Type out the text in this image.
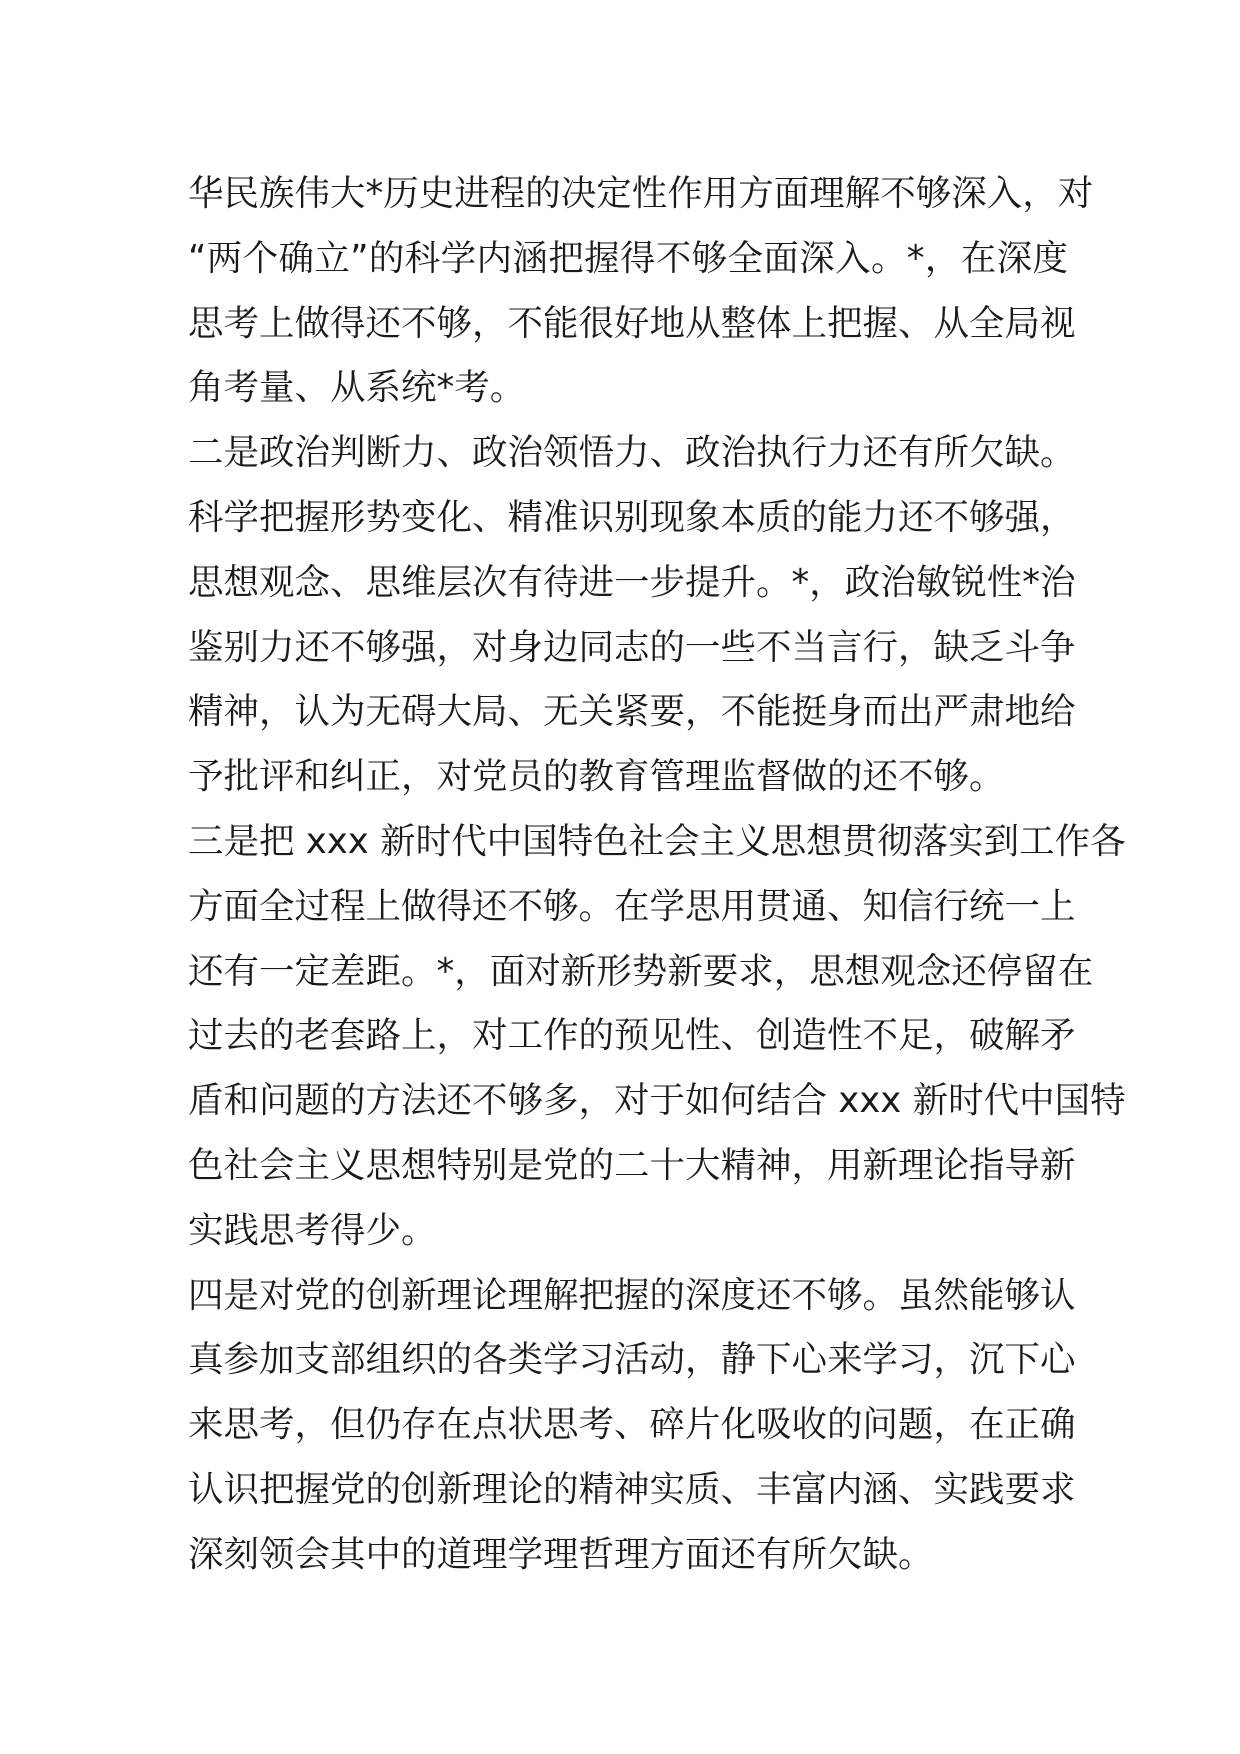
华民族伟大*历史进程的决定性作用方面理解不够深入，对
“两个确立”的科学内涵把握得不够全面深入。*，在深度
思考上做得还不够，不能很好地从整体上把握、从全局视
角考量、从系统*考。
二是政治判断力、政治领悟力、政治执行力还有所欠缺。
科学把握形势变化、精准识别现象本质的能力还不够强，
思想观念、思维层次有待进一步提升。*，政治敏锐性*治
鉴别力还不够强，对身边同志的一些不当言行，缺乏斗争
精神，认为无碍大局、无关紧要，不能挺身而出严肃地给
予批评和纠正，对党员的教育管理监督做的还不够。
三是把 xxx 新时代中国特色社会主义思想贯彻落实到工作各
方面全过程上做得还不够。在学思用贯通、知信行统一上
还有一定差距。*，面对新形势新要求，思想观念还停留在
过去的老套路上，对工作的预见性、创造性不足，破解矛
盾和问题的方法还不够多，对于如何结合 xxx 新时代中国特
色社会主义思想特别是党的二十大精神，用新理论指导新
实践思考得少。
四是对党的创新理论理解把握的深度还不够。虽然能够认
真参加支部组织的各类学习活动，静下心来学习，沉下心
来思考，但仍存在点状思考、碎片化吸收的问题，在正确
认识把握党的创新理论的精神实质、丰富内涵、实践要求
深刻领会其中的道理学理哲理方面还有所欠缺。
